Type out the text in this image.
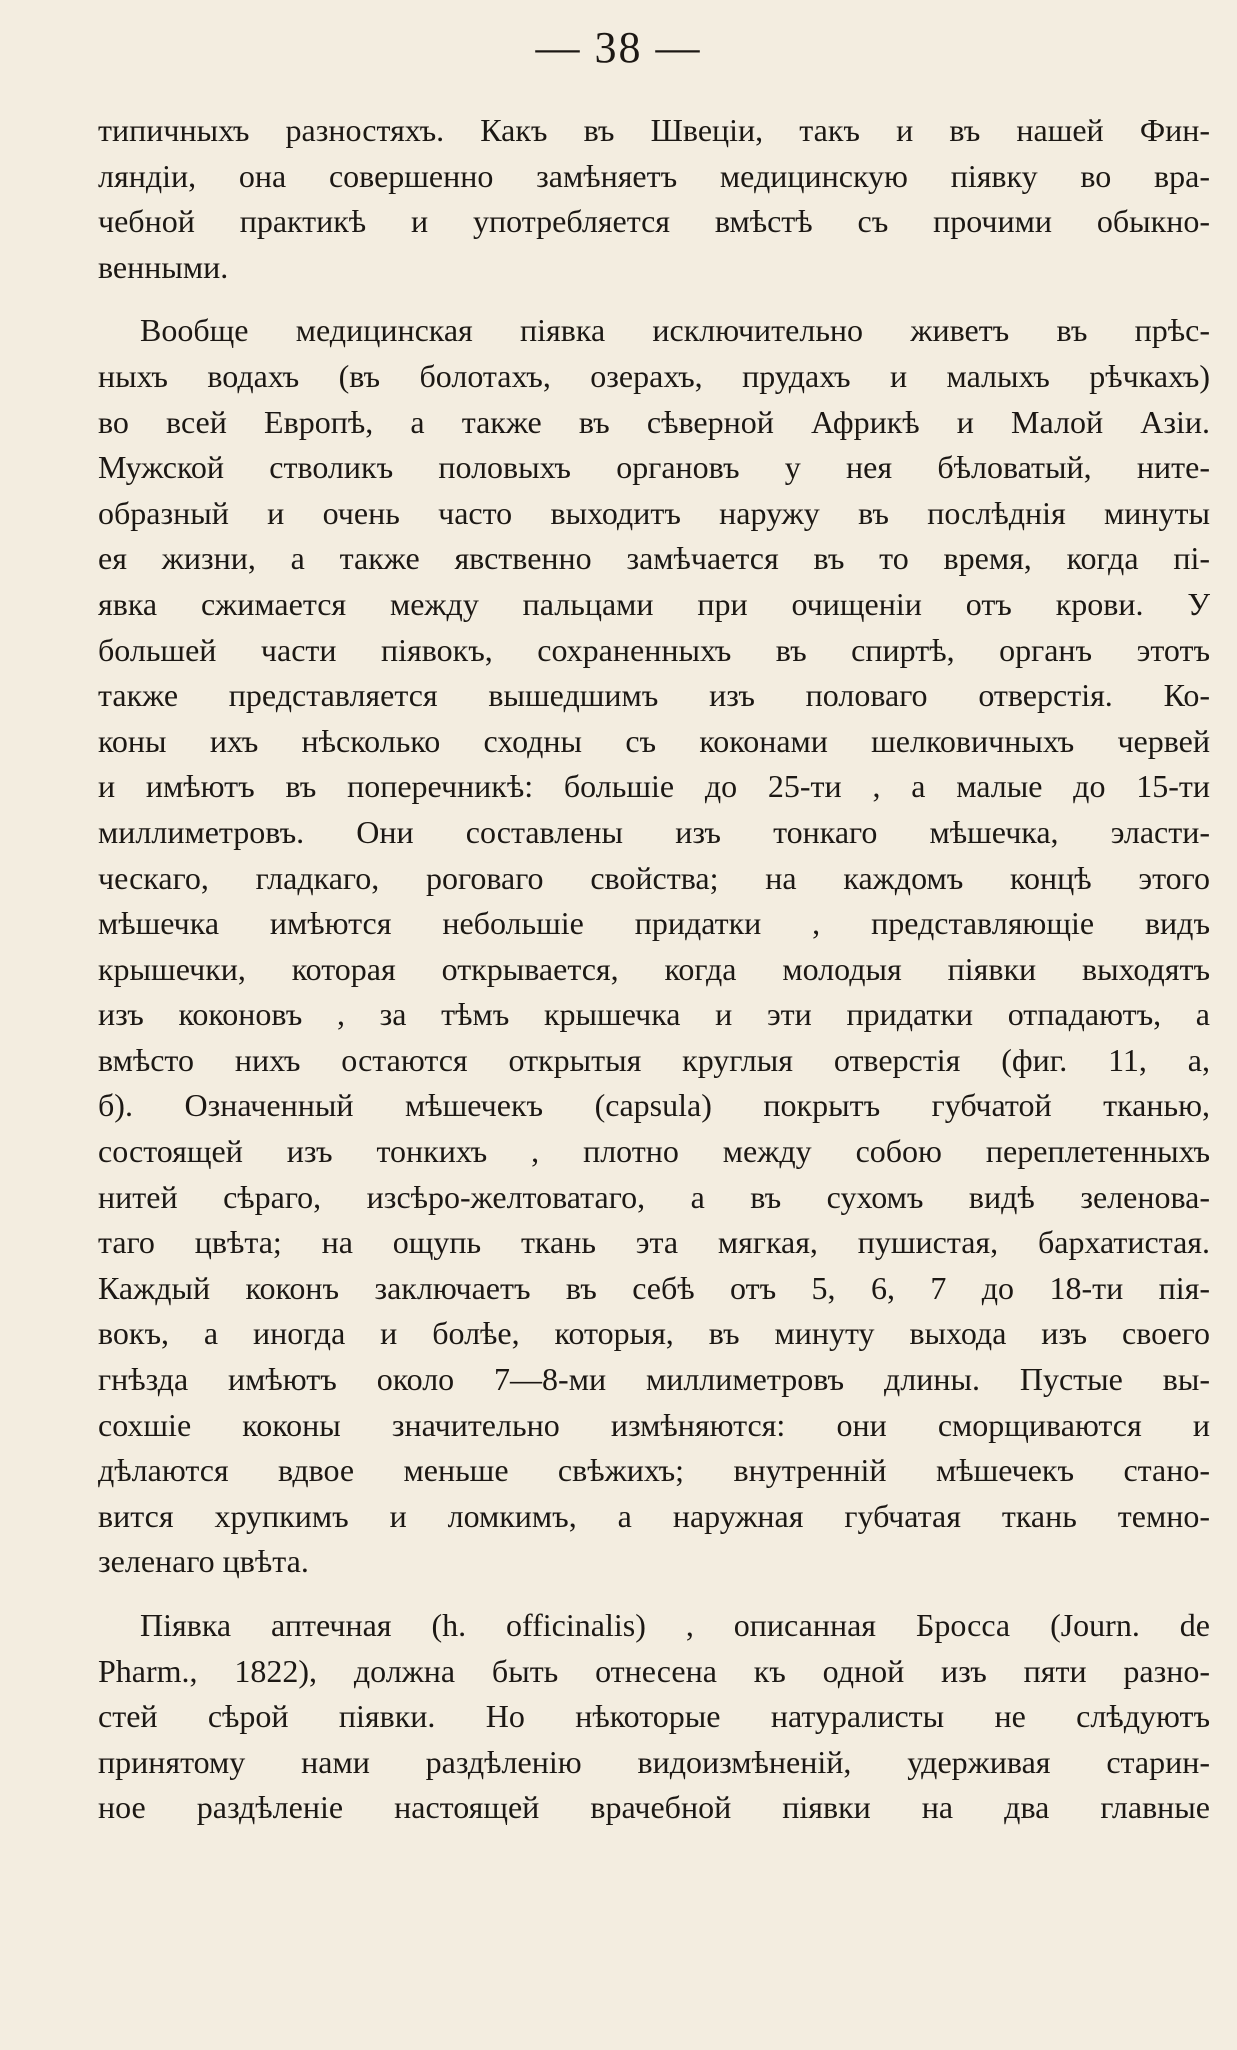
— 38 —
типичныхъ разностяхъ. Какъ въ Швецiи, такъ и въ нашей Фин-
ляндiи, она совершенно замѣняетъ медицинскую пiявку во вра-
чебной практикѣ и употребляется вмѣстѣ съ прочими обыкно-
венными.
Вообще медицинская пiявка исключительно живетъ въ прѣс-
ныхъ водахъ (въ болотахъ, озерахъ, прудахъ и малыхъ рѣчкахъ)
во всей Европѣ, а также въ сѣверной Африкѣ и Малой Азiи.
Мужской стволикъ половыхъ органовъ у нея бѣловатый, ните-
образный и очень часто выходитъ наружу въ послѣднiя минуты
ея жизни, а также явственно замѣчается въ то время, когда пi-
явка сжимается между пальцами при очищенiи отъ крови. У
большей части пiявокъ, сохраненныхъ въ спиртѣ, органъ этотъ
также представляется вышедшимъ изъ половаго отверстiя. Ко-
коны ихъ нѣсколько сходны съ коконами шелковичныхъ червей
и имѣютъ въ поперечникѣ: большiе до 25-ти , а малые до 15-ти
миллиметровъ. Они составлены изъ тонкаго мѣшечка, эласти-
ческаго, гладкаго, роговаго свойства; на каждомъ концѣ этого
мѣшечка имѣются небольшiе придатки , представляющiе видъ
крышечки, которая открывается, когда молодыя пiявки выходятъ
изъ коконовъ , за тѣмъ крышечка и эти придатки отпадаютъ, а
вмѣсто нихъ остаются открытыя круглыя отверстiя (фиг. 11, a,
б). Означенный мѣшечекъ (capsula) покрытъ губчатой тканью,
состоящей изъ тонкихъ , плотно между собою переплетенныхъ
нитей сѣраго, изсѣро-желтоватаго, а въ сухомъ видѣ зеленова-
таго цвѣта; на ощупь ткань эта мягкая, пушистая, бархатистая.
Каждый коконъ заключаетъ въ себѣ отъ 5, 6, 7 до 18-ти пiя-
вокъ, а иногда и болѣе, которыя, въ минуту выхода изъ своего
гнѣзда имѣютъ около 7—8-ми миллиметровъ длины. Пустые вы-
сохшiе коконы значительно измѣняются: они сморщиваются и
дѣлаются вдвое меньше свѣжихъ; внутреннiй мѣшечекъ стано-
вится хрупкимъ и ломкимъ, а наружная губчатая ткань темно-
зеленаго цвѣта.
Пiявка аптечная (h. officinalis) , описанная Бросса (Journ. de
Pharm., 1822), должна быть отнесена къ одной изъ пяти разно-
стей сѣрой пiявки. Но нѣкоторые натуралисты не слѣдуютъ
принятому нами раздѣленiю видоизмѣненiй, удерживая старин-
ное раздѣленiе настоящей врачебной пiявки на два главные
